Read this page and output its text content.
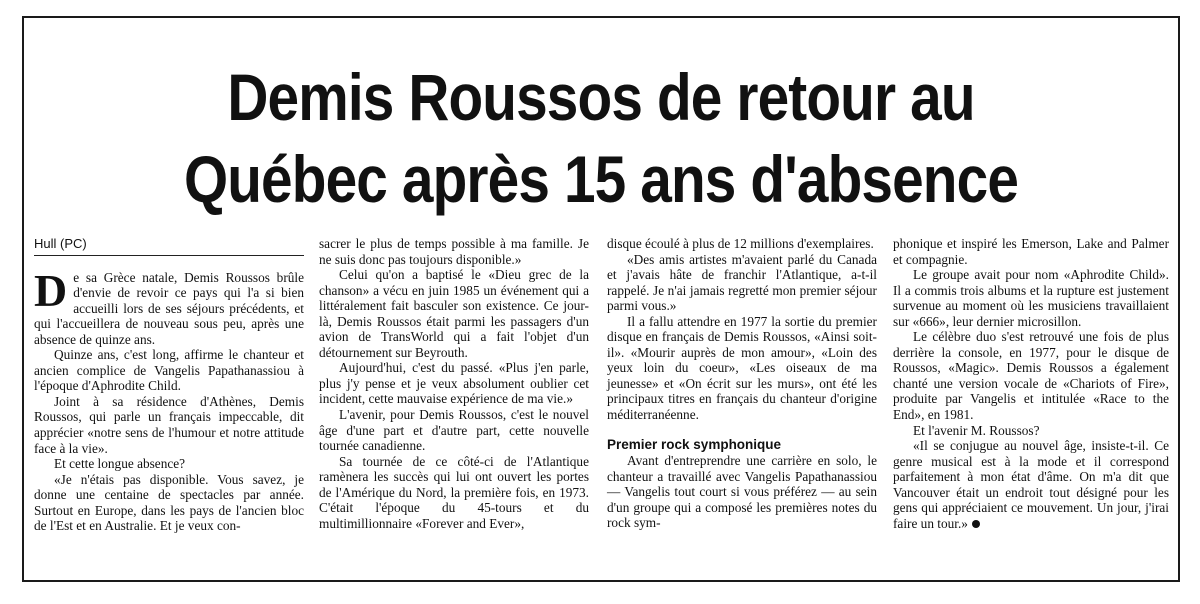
Demis Roussos de retour au
Québec après 15 ans d'absence
Hull (PC)

De sa Grèce natale, Demis Roussos brûle d'envie de revoir ce pays qui l'a si bien accueilli lors de ses séjours précédents, et qui l'accueillera de nouveau sous peu, après une absence de quinze ans.

Quinze ans, c'est long, affirme le chanteur et ancien complice de Vangelis Papathanassiou à l'époque d'Aphrodite Child.

Joint à sa résidence d'Athènes, Demis Roussos, qui parle un français impeccable, dit apprécier «notre sens de l'humour et notre attitude face à la vie».

Et cette longue absence?

«Je n'étais pas disponible. Vous savez, je donne une centaine de spectacles par année. Surtout en Europe, dans les pays de l'ancien bloc de l'Est et en Australie. Et je veux con-

sacrer le plus de temps possible à ma famille. Je ne suis donc pas toujours disponible.»

Celui qu'on a baptisé le «Dieu grec de la chanson» a vécu en juin 1985 un événement qui a littéralement fait basculer son existence. Ce jour-là, Demis Roussos était parmi les passagers d'un avion de TransWorld qui a fait l'objet d'un détournement sur Beyrouth.

Aujourd'hui, c'est du passé. «Plus j'en parle, plus j'y pense et je veux absolument oublier cet incident, cette mauvaise expérience de ma vie.»

L'avenir, pour Demis Roussos, c'est le nouvel âge d'une part et d'autre part, cette nouvelle tournée canadienne.

Sa tournée de ce côté-ci de l'Atlantique ramènera les succès qui lui ont ouvert les portes de l'Amérique du Nord, la première fois, en 1973. C'était l'époque du 45-tours et du multimillionnaire «Forever and Ever»,

disque écoulé à plus de 12 millions d'exemplaires.

«Des amis artistes m'avaient parlé du Canada et j'avais hâte de franchir l'Atlantique, a-t-il rappelé. Je n'ai jamais regretté mon premier séjour parmi vous.»

Il a fallu attendre en 1977 la sortie du premier disque en français de Demis Roussos, «Ainsi soit-il». «Mourir auprès de mon amour», «Loin des yeux loin du coeur», «Les oiseaux de ma jeunesse» et «On écrit sur les murs», ont été les principaux titres en français du chanteur d'origine méditerranéenne.

Premier rock symphonique

Avant d'entreprendre une carrière en solo, le chanteur a travaillé avec Vangelis Papathanassiou — Vangelis tout court si vous préférez — au sein d'un groupe qui a composé les premières notes du rock sym-

phonique et inspiré les Emerson, Lake and Palmer et compagnie.

Le groupe avait pour nom «Aphrodite Child». Il a commis trois albums et la rupture est justement survenue au moment où les musiciens travaillaient sur «666», leur dernier microsillon.

Le célèbre duo s'est retrouvé une fois de plus derrière la console, en 1977, pour le disque de Roussos, «Magic». Demis Roussos a également chanté une version vocale de «Chariots of Fire», produite par Vangelis et intitulée «Race to the End», en 1981.

Et l'avenir M. Roussos?

«Il se conjugue au nouvel âge, insiste-t-il. Ce genre musical est à la mode et il correspond parfaitement à mon état d'âme. On m'a dit que Vancouver était un endroit tout désigné pour les gens qui appréciaient ce mouvement. Un jour, j'irai faire un tour.»
